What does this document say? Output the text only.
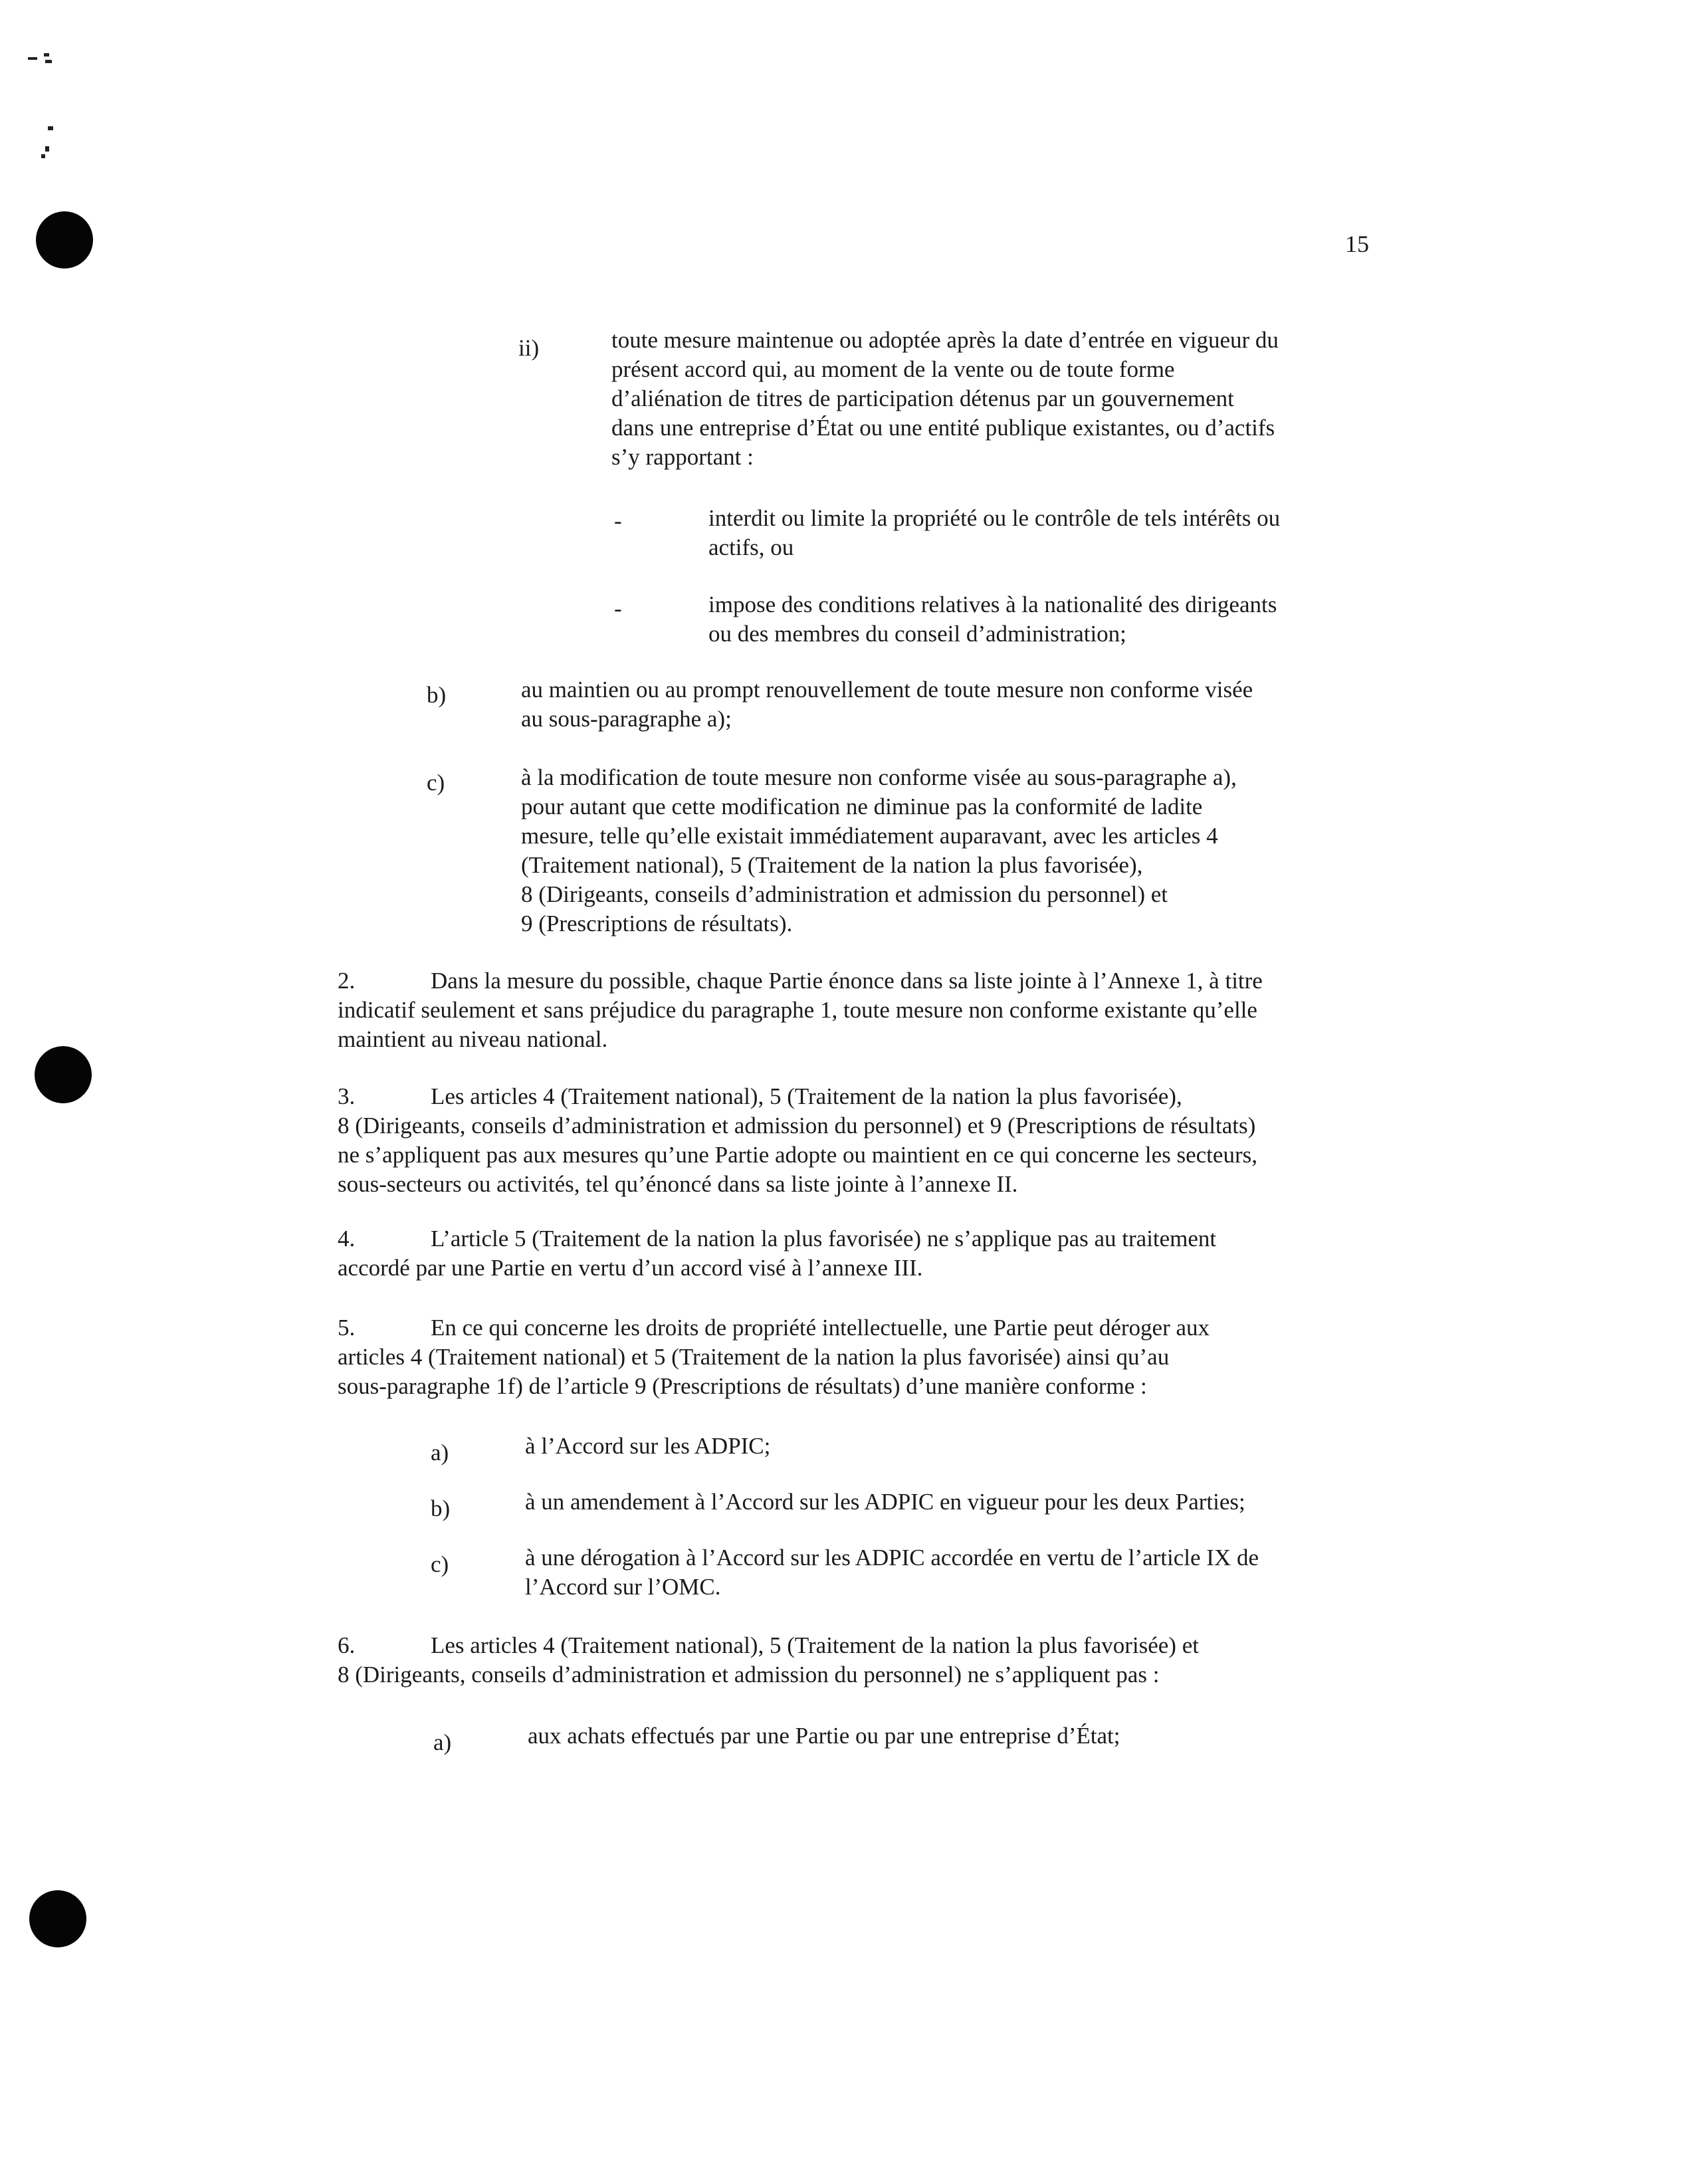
15
ii)	toute mesure maintenue ou adoptée après la date d’entrée en vigueur du
présent accord qui, au moment de la vente ou de toute forme
d’aliénation de titres de participation détenus par un gouvernement
dans une entreprise d’État ou une entité publique existantes, ou d’actifs
s’y rapportant :
-	interdit ou limite la propriété ou le contrôle de tels intérêts ou
actifs, ou
-	impose des conditions relatives à la nationalité des dirigeants
ou des membres du conseil d’administration;
b)	au maintien ou au prompt renouvellement de toute mesure non conforme visée
au sous-paragraphe a);
c)	à la modification de toute mesure non conforme visée au sous-paragraphe a),
pour autant que cette modification ne diminue pas la conformité de ladite
mesure, telle qu’elle existait immédiatement auparavant, avec les articles 4
(Traitement national), 5 (Traitement de la nation la plus favorisée),
8 (Dirigeants, conseils d’administration et admission du personnel) et
9 (Prescriptions de résultats).
2.	Dans la mesure du possible, chaque Partie énonce dans sa liste jointe à l’Annexe 1, à titre
indicatif seulement et sans préjudice du paragraphe 1, toute mesure non conforme existante qu’elle
maintient au niveau national.
3.	Les articles 4 (Traitement national), 5 (Traitement de la nation la plus favorisée),
8 (Dirigeants, conseils d’administration et admission du personnel) et 9 (Prescriptions de résultats)
ne s’appliquent pas aux mesures qu’une Partie adopte ou maintient en ce qui concerne les secteurs,
sous-secteurs ou activités, tel qu’énoncé dans sa liste jointe à l’annexe II.
4.	L’article 5 (Traitement de la nation la plus favorisée) ne s’applique pas au traitement
accordé par une Partie en vertu d’un accord visé à l’annexe III.
5.	En ce qui concerne les droits de propriété intellectuelle, une Partie peut déroger aux
articles 4 (Traitement national) et 5 (Traitement de la nation la plus favorisée) ainsi qu’au
sous-paragraphe 1f) de l’article 9 (Prescriptions de résultats) d’une manière conforme :
a)	à l’Accord sur les ADPIC;
b)	à un amendement à l’Accord sur les ADPIC en vigueur pour les deux Parties;
c)	à une dérogation à l’Accord sur les ADPIC accordée en vertu de l’article IX de
l’Accord sur l’OMC.
6.	Les articles 4 (Traitement national), 5 (Traitement de la nation la plus favorisée) et
8 (Dirigeants, conseils d’administration et admission du personnel) ne s’appliquent pas :
a)	aux achats effectués par une Partie ou par une entreprise d’État;
